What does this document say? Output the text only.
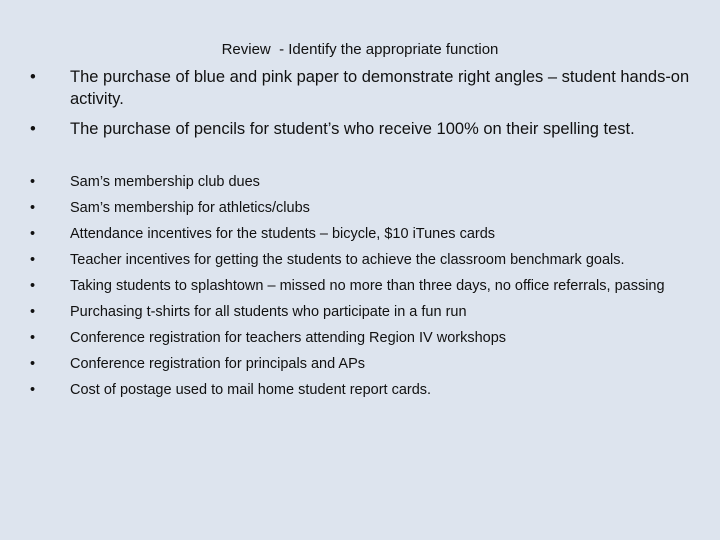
Review  - Identify the appropriate function
•	The purchase of blue and pink paper to demonstrate right angles – student hands-on activity.
•	The purchase of pencils for student’s who receive 100% on their spelling test.
•	Sam’s membership club dues
•	Sam’s membership for athletics/clubs
•	Attendance incentives for the students – bicycle, $10 iTunes cards
•	Teacher incentives for getting the students to achieve the classroom benchmark goals.
•	Taking students to splashtown – missed no more than three days, no office referrals, passing
•	Purchasing t-shirts for all students who participate in a fun run
•	Conference registration for teachers attending Region IV workshops
•	Conference registration for principals and APs
•	Cost of postage used to mail home student report cards.
